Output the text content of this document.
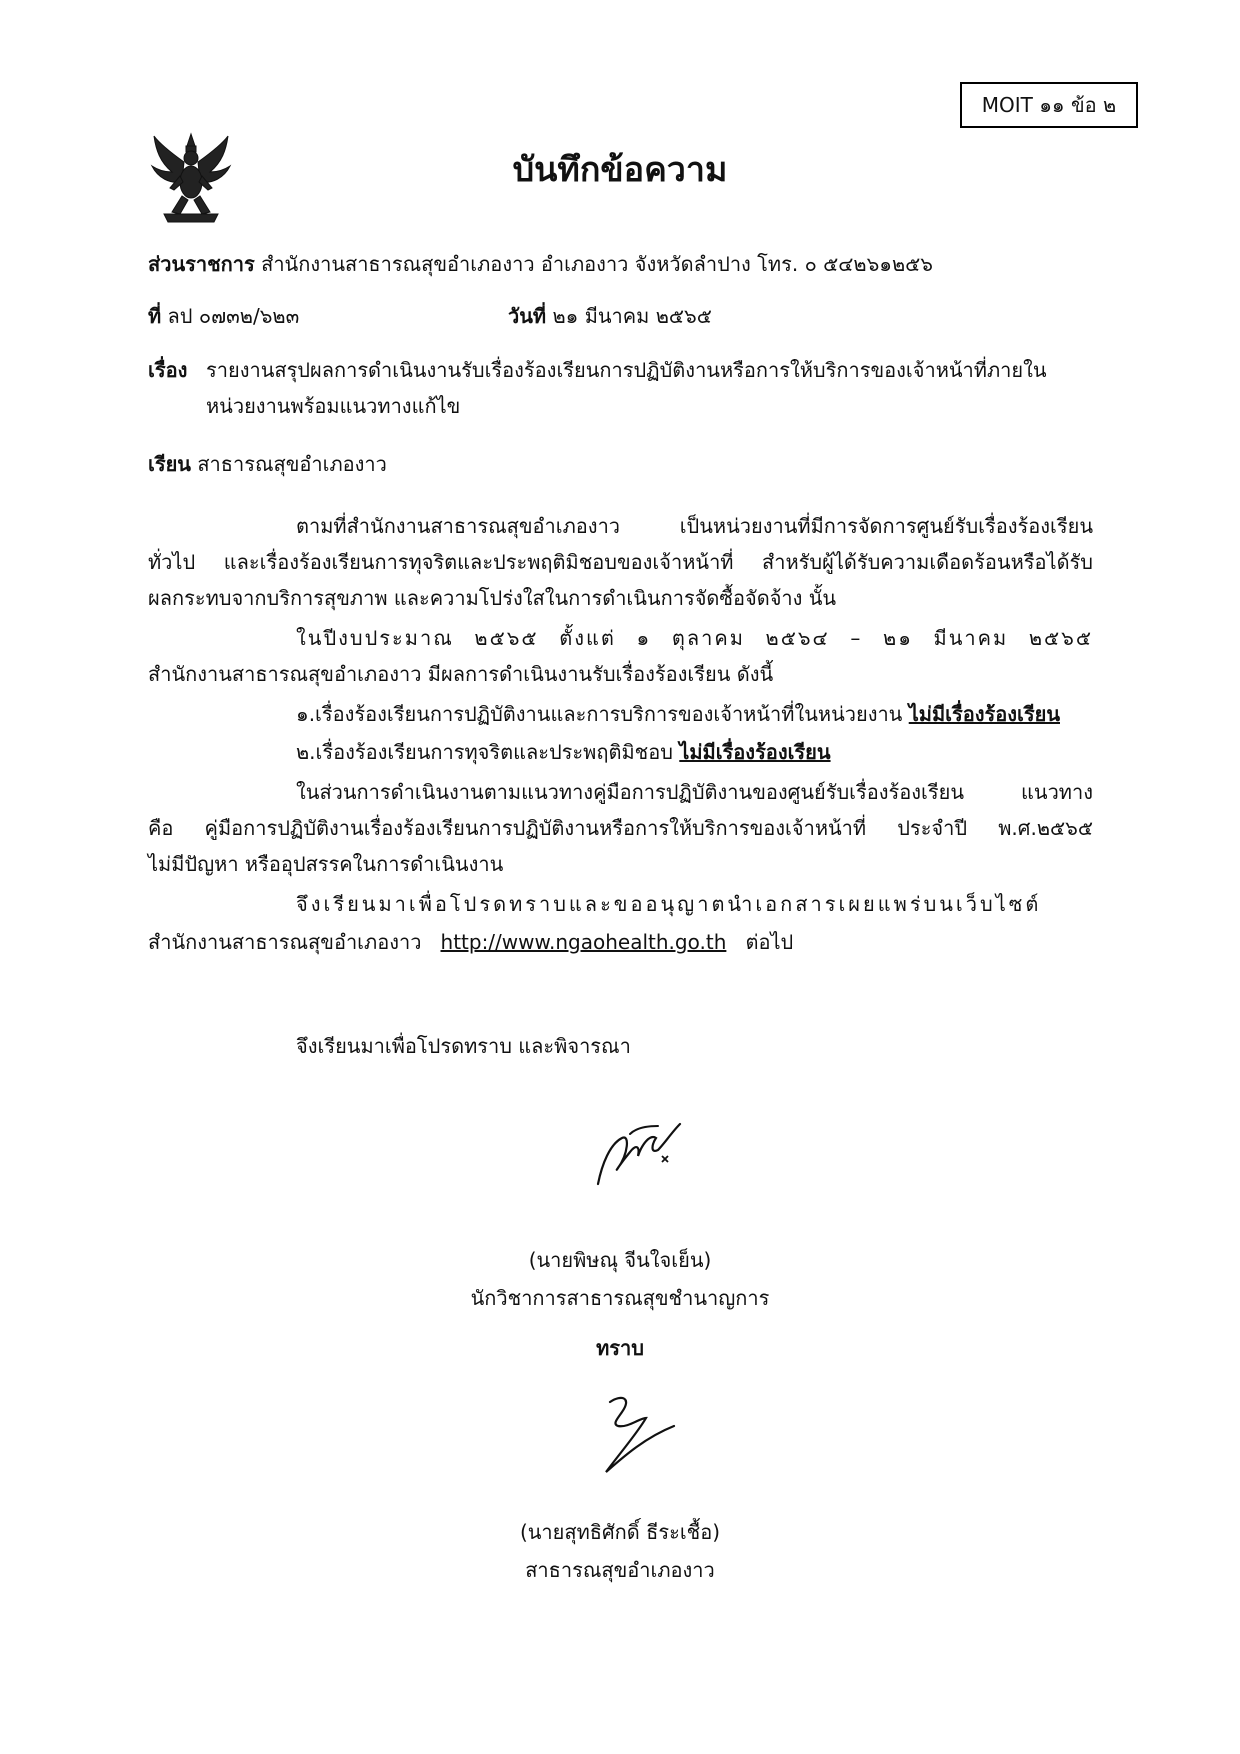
MOIT ๑๑ ข้อ ๒
บันทึกข้อความ
ส่วนราชการ สำนักงานสาธารณสุขอำเภองาว อำเภองาว จังหวัดลำปาง โทร. ๐ ๕๔๒๖๑๒๕๖
ที่ ลป ๐๗๓๒/๖๒๓	วันที่ ๒๑ มีนาคม ๒๕๖๕
เรื่อง รายงานสรุปผลการดำเนินงานรับเรื่องร้องเรียนการปฏิบัติงานหรือการให้บริการของเจ้าหน้าที่ภายใน
หน่วยงานพร้อมแนวทางแก้ไข
เรียน สาธารณสุขอำเภองาว
ตามที่สำนักงานสาธารณสุขอำเภองาว เป็นหน่วยงานที่มีการจัดการศูนย์รับเรื่องร้องเรียน
ทั่วไป และเรื่องร้องเรียนการทุจริตและประพฤติมิชอบของเจ้าหน้าที่ สำหรับผู้ได้รับความเดือดร้อนหรือได้รับ
ผลกระทบจากบริการสุขภาพ และความโปร่งใสในการดำเนินการจัดซื้อจัดจ้าง นั้น
ในปีงบประมาณ ๒๕๖๕ ตั้งแต่ ๑ ตุลาคม ๒๕๖๔ – ๒๑ มีนาคม ๒๕๖๕
สำนักงานสาธารณสุขอำเภองาว มีผลการดำเนินงานรับเรื่องร้องเรียน ดังนี้
๑.เรื่องร้องเรียนการปฏิบัติงานและการบริการของเจ้าหน้าที่ในหน่วยงาน ไม่มีเรื่องร้องเรียน
๒.เรื่องร้องเรียนการทุจริตและประพฤติมิชอบ ไม่มีเรื่องร้องเรียน
ในส่วนการดำเนินงานตามแนวทางคู่มือการปฏิบัติงานของศูนย์รับเรื่องร้องเรียน แนวทาง
คือ คู่มือการปฏิบัติงานเรื่องร้องเรียนการปฏิบัติงานหรือการให้บริการของเจ้าหน้าที่ ประจำปี พ.ศ.๒๕๖๕
ไม่มีปัญหา หรืออุปสรรคในการดำเนินงาน
จึงเรียนมาเพื่อโปรดทราบและขออนุญาตนำเอกสารเผยแพร่บนเว็บไซต์
สำนักงานสาธารณสุขอำเภองาว http://www.ngaohealth.go.th ต่อไป
จึงเรียนมาเพื่อโปรดทราบ และพิจารณา
(นายพิษณุ จีนใจเย็น)
นักวิชาการสาธารณสุขชำนาญการ
ทราบ
(นายสุทธิศักดิ์ ธีระเชื้อ)
สาธารณสุขอำเภองาว
